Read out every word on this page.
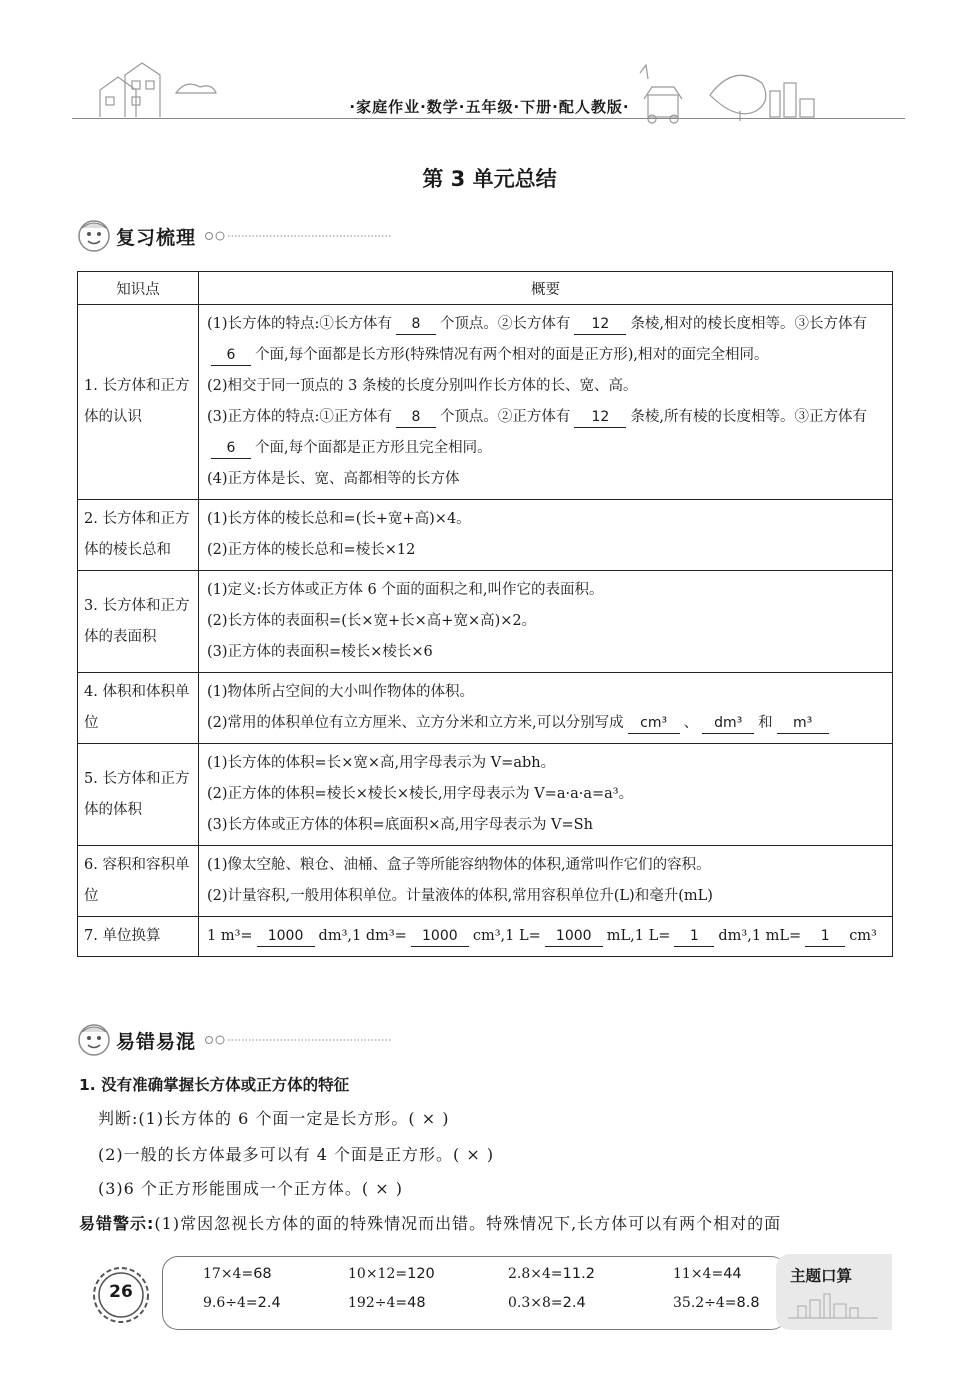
·家庭作业·数学·五年级·下册·配人教版·
第 3 单元总结
复习梳理
知识点	概要
1. 长方体和正方体的认识	(1)长方体的特点:①长方体有 8 个顶点。②长方体有 12 条棱,相对的棱长度相等。③长方体有6 个面,每个面都是长方形(特殊情况有两个相对的面是正方形),相对的面完全相同。
(2)相交于同一顶点的 3 条棱的长度分别叫作长方体的长、宽、高。
(3)正方体的特点:①正方体有 8 个顶点。②正方体有 12 条棱,所有棱的长度相等。③正方体有6 个面,每个面都是正方形且完全相同。
(4)正方体是长、宽、高都相等的长方体

2. 长方体和正方体的棱长总和	(1)长方体的棱长总和=(长+宽+高)×4。
(2)正方体的棱长总和=棱长×12

3. 长方体和正方体的表面积	(1)定义:长方体或正方体 6 个面的面积之和,叫作它的表面积。
(2)长方体的表面积=(长×宽+长×高+宽×高)×2。
(3)正方体的表面积=棱长×棱长×6

4. 体积和体积单位	(1)物体所占空间的大小叫作物体的体积。
(2)常用的体积单位有立方厘米、立方分米和立方米,可以分别写成 cm³ 、 dm³ 和 m³

5. 长方体和正方体的体积	(1)长方体的体积=长×宽×高,用字母表示为 V=abh。
(2)正方体的体积=棱长×棱长×棱长,用字母表示为 V=a·a·a=a³。
(3)长方体或正方体的体积=底面积×高,用字母表示为 V=Sh

6. 容积和容积单位	(1)像太空舱、粮仓、油桶、盒子等所能容纳物体的体积,通常叫作它们的容积。
(2)计量容积,一般用体积单位。计量液体的体积,常用容积单位升(L)和毫升(mL)

7. 单位换算	1 m³= 1000 dm³,1 dm³= 1000 cm³,1 L= 1000 mL,1 L= 1 dm³,1 mL= 1 cm³
易错易混
1. 没有准确掌握长方体或正方体的特征
判断:(1)长方体的 6 个面一定是长方形。( × )
(2)一般的长方体最多可以有 4 个面是正方形。( × )
(3)6 个正方形能围成一个正方体。( × )
易错警示:(1)常因忽视长方体的面的特殊情况而出错。特殊情况下,长方体可以有两个相对的面
26
17×4=68	10×12=120	2.8×4=11.2	11×4=44
9.6÷4=2.4	192÷4=48	0.3×8=2.4	35.2÷4=8.8
主题口算
